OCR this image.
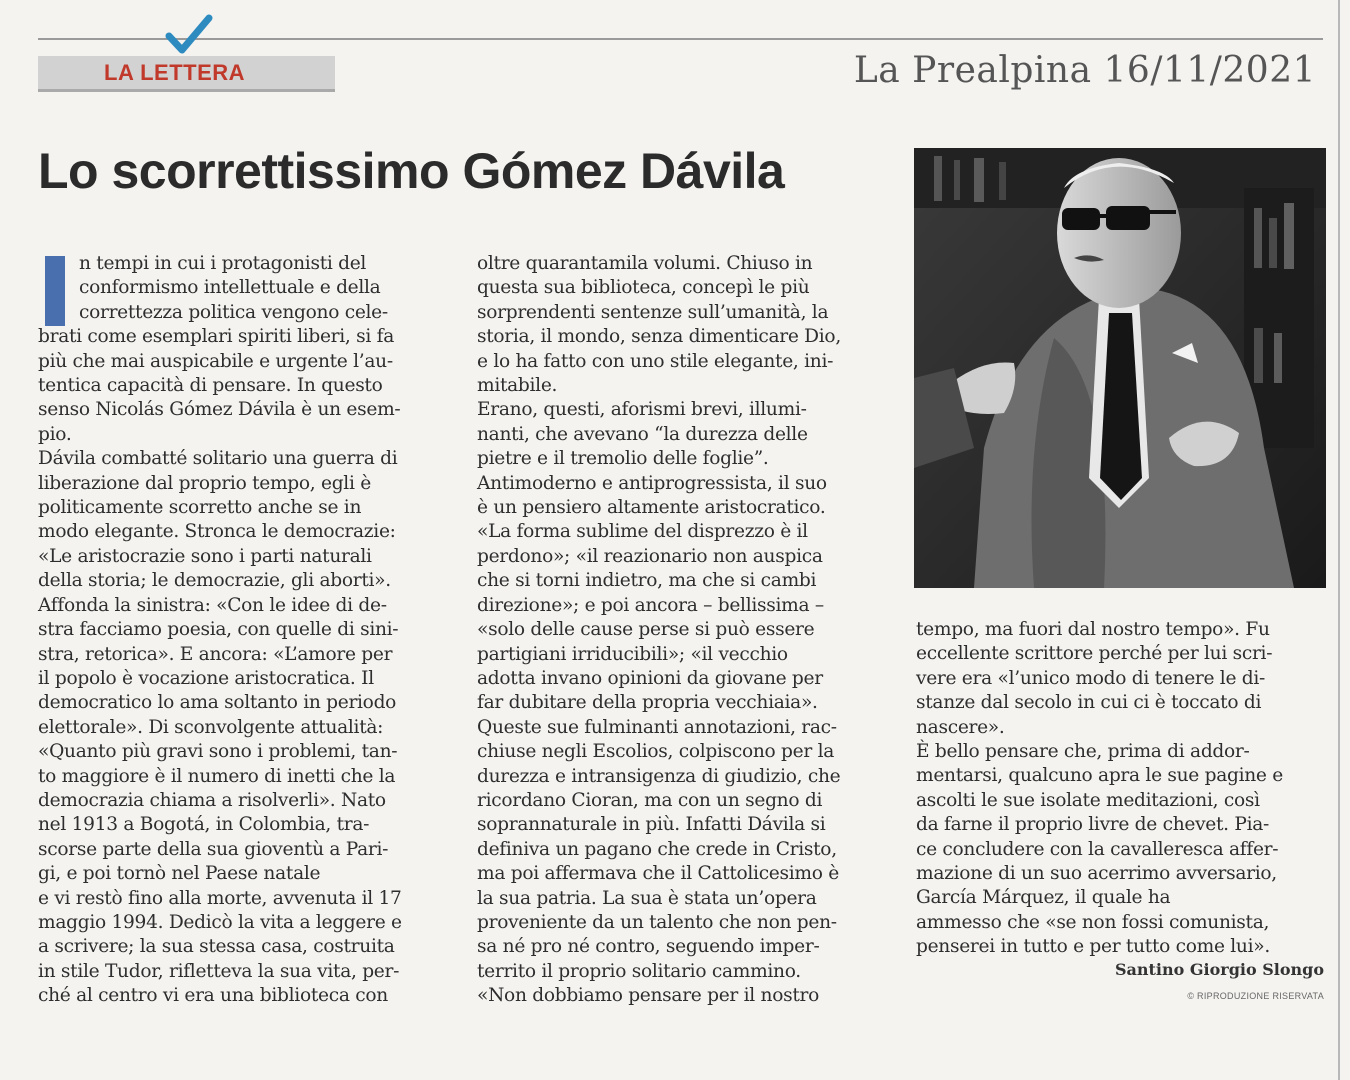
LA LETTERA	La Prealpina 16/11/2021
Lo scorrettissimo Gómez Dávila
n tempi in cui i protagonisti del
conformismo intellettuale e della
correttezza politica vengono cele-
brati come esemplari spiriti liberi, si fa
più che mai auspicabile e urgente l’au-
tentica capacità di pensare. In questo
senso Nicolás Gómez Dávila è un esem-
pio.
Dávila combatté solitario una guerra di
liberazione dal proprio tempo, egli è
politicamente scorretto anche se in
modo elegante. Stronca le democrazie:
«Le aristocrazie sono i parti naturali
della storia; le democrazie, gli aborti».
Affonda la sinistra: «Con le idee di de-
stra facciamo poesia, con quelle di sini-
stra, retorica». E ancora: «L’amore per
il popolo è vocazione aristocratica. Il
democratico lo ama soltanto in periodo
elettorale». Di sconvolgente attualità:
«Quanto più gravi sono i problemi, tan-
to maggiore è il numero di inetti che la
democrazia chiama a risolverli». Nato
nel 1913 a Bogotá, in Colombia, tra-
scorse parte della sua gioventù a Pari-
gi, e poi tornò nel Paese natale
e vi restò fino alla morte, avvenuta il 17
maggio 1994. Dedicò la vita a leggere e
a scrivere; la sua stessa casa, costruita
in stile Tudor, rifletteva la sua vita, per-
ché al centro vi era una biblioteca con
oltre quarantamila volumi. Chiuso in
questa sua biblioteca, concepì le più
sorprendenti sentenze sull’umanità, la
storia, il mondo, senza dimenticare Dio,
e lo ha fatto con uno stile elegante, ini-
mitabile.
Erano, questi, aforismi brevi, illumi-
nanti, che avevano “la durezza delle
pietre e il tremolio delle foglie”.
Antimoderno e antiprogressista, il suo
è un pensiero altamente aristocratico.
«La forma sublime del disprezzo è il
perdono»; «il reazionario non auspica
che si torni indietro, ma che si cambi
direzione»; e poi ancora – bellissima –
«solo delle cause perse si può essere
partigiani irriducibili»; «il vecchio
adotta invano opinioni da giovane per
far dubitare della propria vecchiaia».
Queste sue fulminanti annotazioni, rac-
chiuse negli Escolios, colpiscono per la
durezza e intransigenza di giudizio, che
ricordano Cioran, ma con un segno di
soprannaturale in più. Infatti Dávila si
definiva un pagano che crede in Cristo,
ma poi affermava che il Cattolicesimo è
la sua patria. La sua è stata un’opera
proveniente da un talento che non pen-
sa né pro né contro, seguendo imper-
territo il proprio solitario cammino.
«Non dobbiamo pensare per il nostro
tempo, ma fuori dal nostro tempo». Fu
eccellente scrittore perché per lui scri-
vere era «l’unico modo di tenere le di-
stanze dal secolo in cui ci è toccato di
nascere».
È bello pensare che, prima di addor-
mentarsi, qualcuno apra le sue pagine e
ascolti le sue isolate meditazioni, così
da farne il proprio livre de chevet. Pia-
ce concludere con la cavalleresca affer-
mazione di un suo acerrimo avversario,
García Márquez, il quale ha
ammesso che «se non fossi comunista,
penserei in tutto e per tutto come lui».
Santino Giorgio Slongo
© RIPRODUZIONE RISERVATA
